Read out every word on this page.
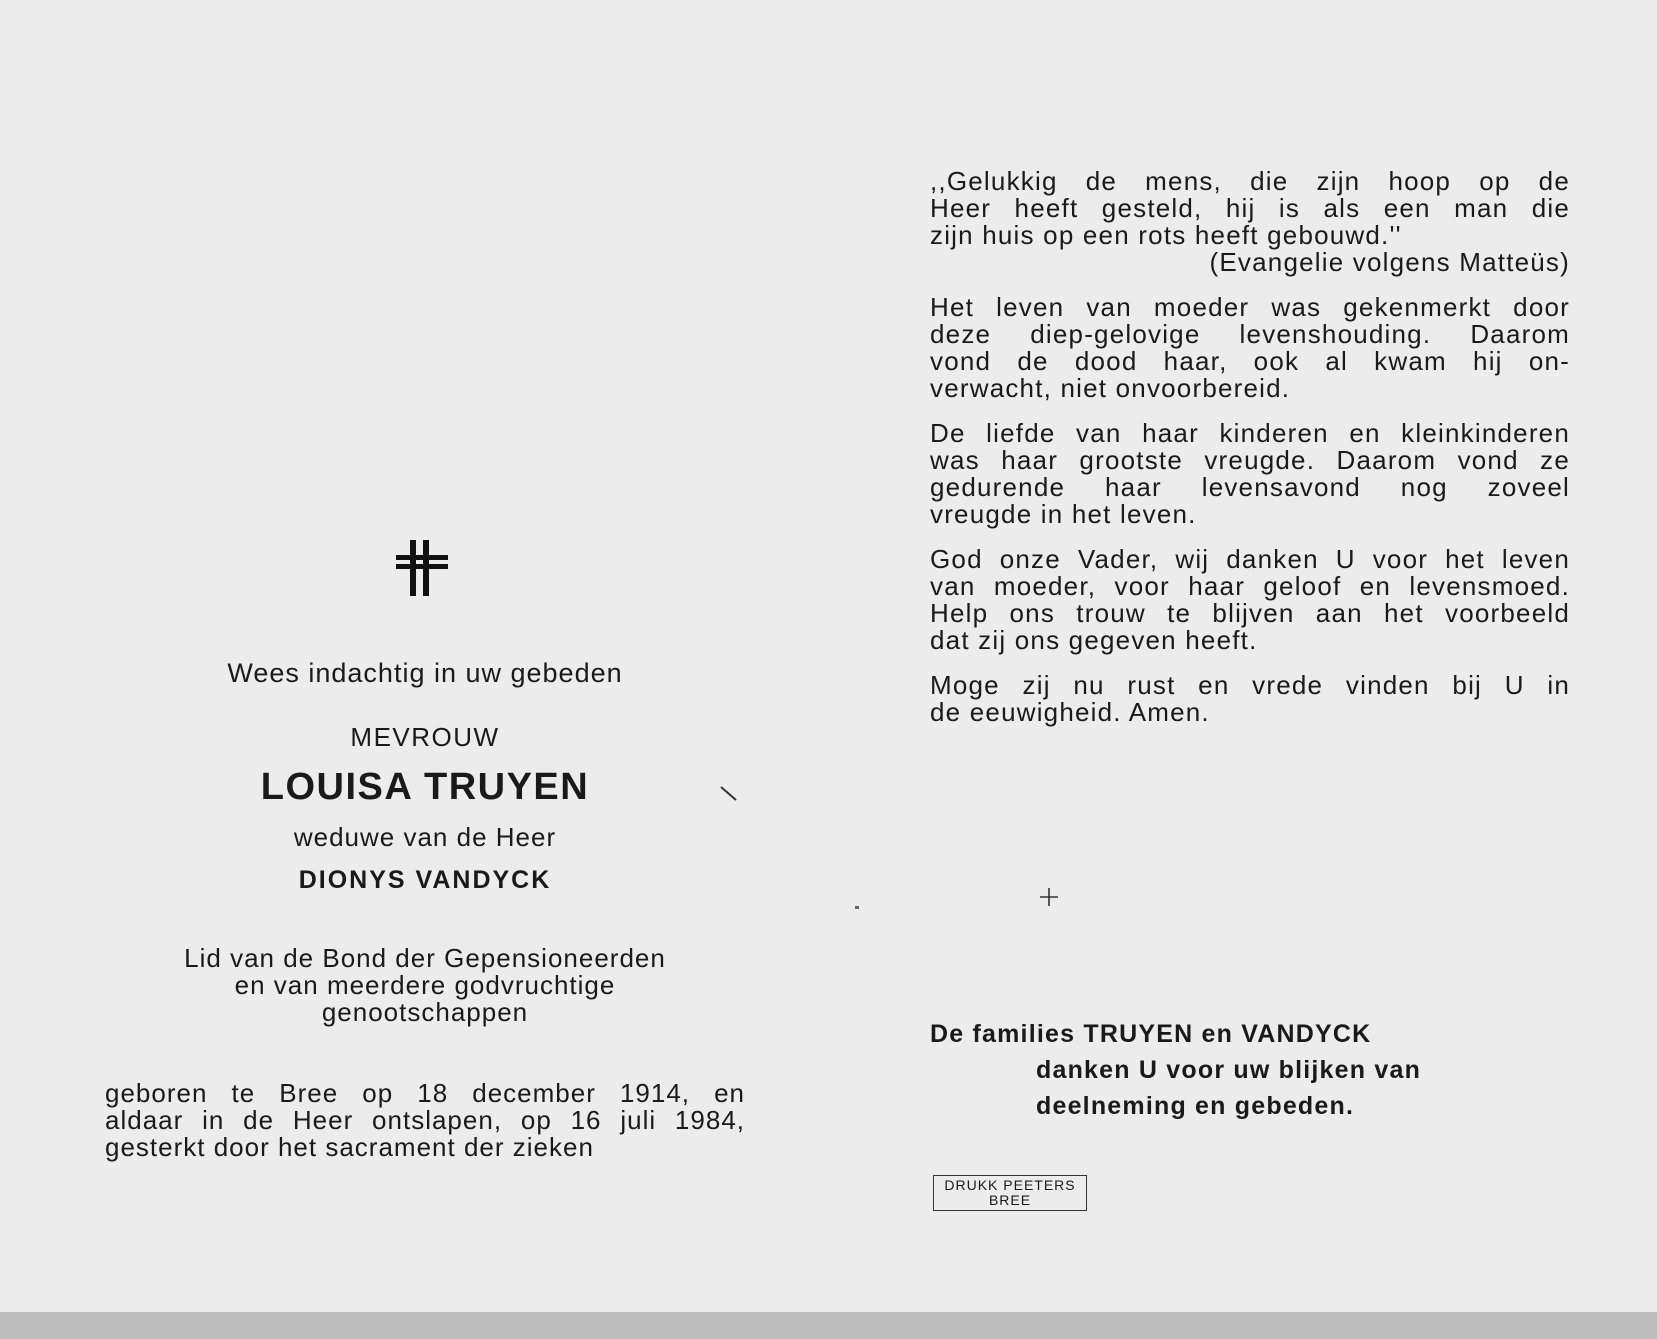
Wees indachtig in uw gebeden
MEVROUW
LOUISA TRUYEN
weduwe van de Heer
DIONYS VANDYCK
Lid van de Bond der Gepensioneerden
en van meerdere godvruchtige
genootschappen
geboren te Bree op 18 december 1914, en
aldaar in de Heer ontslapen, op 16 juli 1984,
gesterkt door het sacrament der zieken
,,Gelukkig de mens, die zijn hoop op de
Heer heeft gesteld, hij is als een man die
zijn huis op een rots heeft gebouwd.''
(Evangelie volgens Matteüs)
Het leven van moeder was gekenmerkt door
deze diep-gelovige levenshouding. Daarom
vond de dood haar, ook al kwam hij on-
verwacht, niet onvoorbereid.
De liefde van haar kinderen en kleinkinderen
was haar grootste vreugde. Daarom vond ze
gedurende haar levensavond nog zoveel
vreugde in het leven.
God onze Vader, wij danken U voor het leven
van moeder, voor haar geloof en levensmoed.
Help ons trouw te blijven aan het voorbeeld
dat zij ons gegeven heeft.
Moge zij nu rust en vrede vinden bij U in
de eeuwigheid. Amen.
De families TRUYEN en VANDYCK
danken U voor uw blijken van
deelneming en gebeden.
DRUKK PEETERS
BREE
